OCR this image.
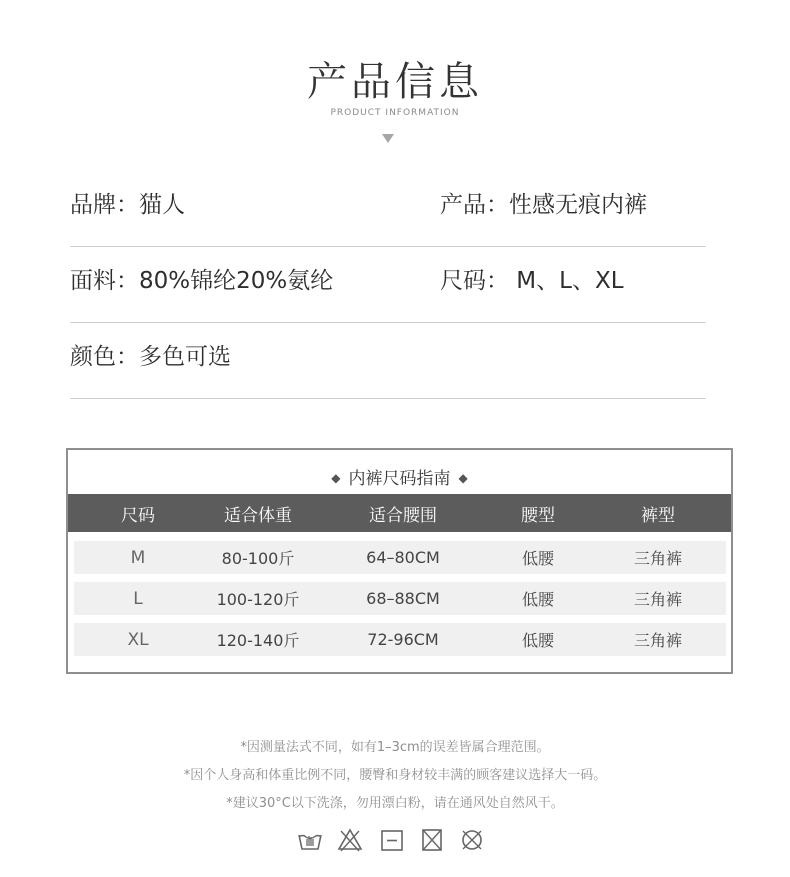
产品信息
PRODUCT INFORMATION
品牌：猫人	产品：性感无痕内裤
面料：80%锦纶20%氨纶	尺码： M、L、XL
颜色：多色可选
◆ 内裤尺码指南 ◆
尺码	适合体重	适合腰围	腰型	裤型
M	80-100斤	64–80CM	低腰	三角裤
L	100-120斤	68–88CM	低腰	三角裤
XL	120-140斤	72-96CM	低腰	三角裤
*因测量法式不同，如有1–3cm的误差皆属合理范围。
*因个人身高和体重比例不同，腰臀和身材较丰满的顾客建议选择大一码。
*建议30°C以下洗涤，勿用漂白粉，请在通风处自然风干。
